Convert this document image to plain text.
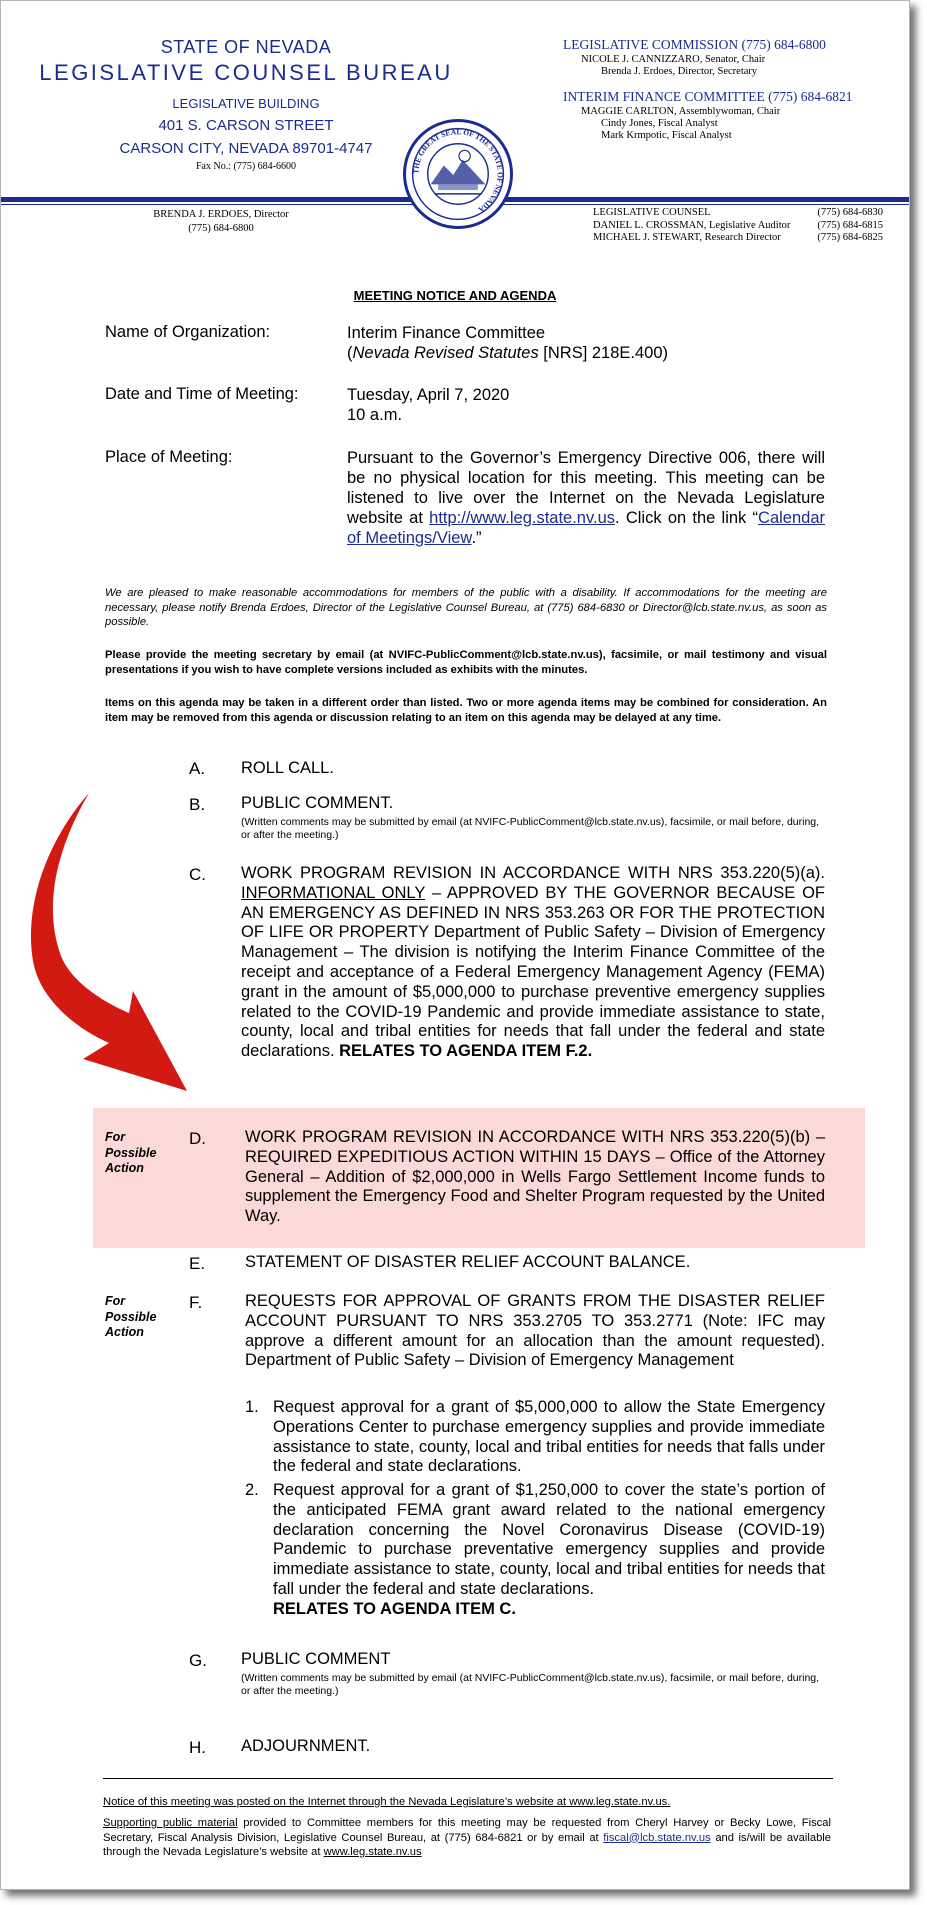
STATE OF NEVADA
LEGISLATIVE COUNSEL BUREAU
LEGISLATIVE BUILDING
401 S. CARSON STREET
CARSON CITY, NEVADA 89701-4747
Fax No.: (775) 684-6600
LEGISLATIVE COMMISSION (775) 684-6800
NICOLE J. CANNIZZARO, Senator, Chair
Brenda J. Erdoes, Director, Secretary
INTERIM FINANCE COMMITTEE (775) 684-6821
MAGGIE CARLTON, Assemblywoman, Chair
Cindy Jones, Fiscal Analyst
Mark Krmpotic, Fiscal Analyst
THE GREAT SEAL OF THE STATE OF NEVADA
BRENDA J. ERDOES, Director
(775) 684-6800
LEGISLATIVE COUNSEL	(775) 684-6830
DANIEL L. CROSSMAN, Legislative Auditor	(775) 684-6815
MICHAEL J. STEWART, Research Director	(775) 684-6825
MEETING NOTICE AND AGENDA
Name of Organization:	Interim Finance Committee
(Nevada Revised Statutes [NRS] 218E.400)
Date and Time of Meeting:	Tuesday, April 7, 2020
10 a.m.
Place of Meeting:	Pursuant to the Governor’s Emergency Directive 006, there will be no physical location for this meeting. This meeting can be listened to live over the Internet on the Nevada Legislature website at http://www.leg.state.nv.us. Click on the link “Calendar of Meetings/View.”
We are pleased to make reasonable accommodations for members of the public with a disability. If accommodations for the meeting are necessary, please notify Brenda Erdoes, Director of the Legislative Counsel Bureau, at (775) 684-6830 or Director@lcb.state.nv.us, as soon as possible.
Please provide the meeting secretary by email (at NVIFC-PublicComment@lcb.state.nv.us), facsimile, or mail testimony and visual presentations if you wish to have complete versions included as exhibits with the minutes.
Items on this agenda may be taken in a different order than listed. Two or more agenda items may be combined for consideration. An item may be removed from this agenda or discussion relating to an item on this agenda may be delayed at any time.
A. ROLL CALL.
B. PUBLIC COMMENT.
(Written comments may be submitted by email (at NVIFC-PublicComment@lcb.state.nv.us), facsimile, or mail before, during, or after the meeting.)
C. WORK PROGRAM REVISION IN ACCORDANCE WITH NRS 353.220(5)(a). INFORMATIONAL ONLY – APPROVED BY THE GOVERNOR BECAUSE OF AN EMERGENCY AS DEFINED IN NRS 353.263 OR FOR THE PROTECTION OF LIFE OR PROPERTY Department of Public Safety – Division of Emergency Management – The division is notifying the Interim Finance Committee of the receipt and acceptance of a Federal Emergency Management Agency (FEMA) grant in the amount of $5,000,000 to purchase preventive emergency supplies related to the COVID-19 Pandemic and provide immediate assistance to state, county, local and tribal entities for needs that fall under the federal and state declarations. RELATES TO AGENDA ITEM F.2.
For
Possible
Action
D. WORK PROGRAM REVISION IN ACCORDANCE WITH NRS 353.220(5)(b) – REQUIRED EXPEDITIOUS ACTION WITHIN 15 DAYS – Office of the Attorney General – Addition of $2,000,000 in Wells Fargo Settlement Income funds to supplement the Emergency Food and Shelter Program requested by the United Way.
E. STATEMENT OF DISASTER RELIEF ACCOUNT BALANCE.
For
Possible
Action
F.	REQUESTS FOR APPROVAL OF GRANTS FROM THE DISASTER RELIEF ACCOUNT PURSUANT TO NRS 353.2705 TO 353.2771 (Note: IFC may approve a different amount for an allocation than the amount requested). Department of Public Safety – Division of Emergency Management
1. Request approval for a grant of $5,000,000 to allow the State Emergency Operations Center to purchase emergency supplies and provide immediate assistance to state, county, local and tribal entities for needs that falls under the federal and state declarations.
2. Request approval for a grant of $1,250,000 to cover the state’s portion of the anticipated FEMA grant award related to the national emergency declaration concerning the Novel Coronavirus Disease (COVID-19) Pandemic to purchase preventative emergency supplies and provide immediate assistance to state, county, local and tribal entities for needs that fall under the federal and state declarations.
RELATES TO AGENDA ITEM C.
G. PUBLIC COMMENT
(Written comments may be submitted by email (at NVIFC-PublicComment@lcb.state.nv.us), facsimile, or mail before, during, or after the meeting.)
H. ADJOURNMENT.
Notice of this meeting was posted on the Internet through the Nevada Legislature’s website at www.leg.state.nv.us.
Supporting public material provided to Committee members for this meeting may be requested from Cheryl Harvey or Becky Lowe, Fiscal Secretary, Fiscal Analysis Division, Legislative Counsel Bureau, at (775) 684-6821 or by email at fiscal@lcb.state.nv.us and is/will be available through the Nevada Legislature’s website at www.leg.state.nv.us
